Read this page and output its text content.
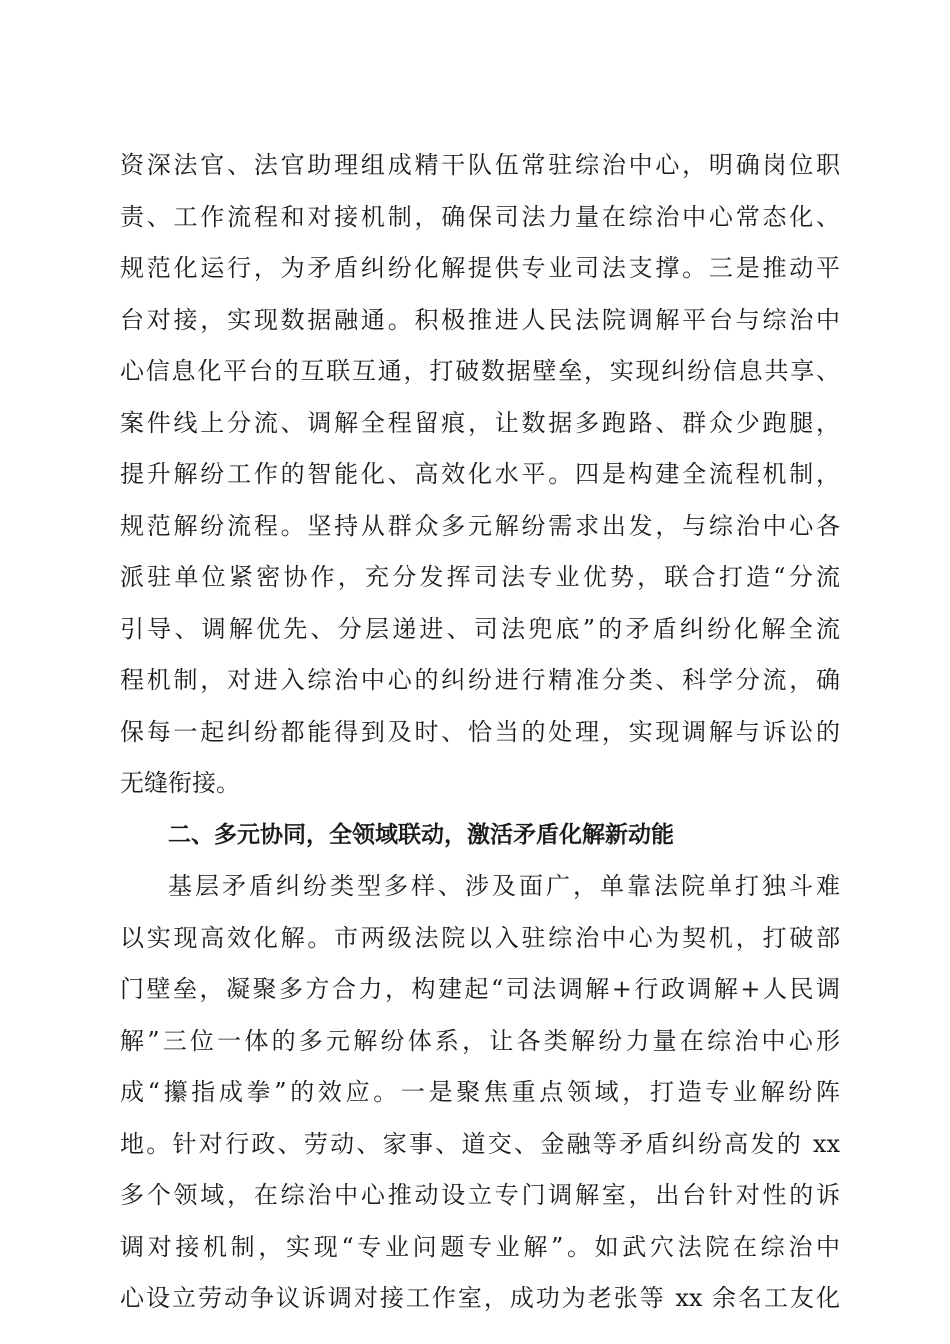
资深法官、法官助理组成精干队伍常驻综治中心，明确岗位职
责、工作流程和对接机制，确保司法力量在综治中心常态化、
规范化运行，为矛盾纠纷化解提供专业司法支撑。三是推动平
台对接，实现数据融通。积极推进人民法院调解平台与综治中
心信息化平台的互联互通，打破数据壁垒，实现纠纷信息共享、
案件线上分流、调解全程留痕，让数据多跑路、群众少跑腿，
提升解纷工作的智能化、高效化水平。四是构建全流程机制，
规范解纷流程。坚持从群众多元解纷需求出发，与综治中心各
派驻单位紧密协作，充分发挥司法专业优势，联合打造“分流
引导、调解优先、分层递进、司法兜底”的矛盾纠纷化解全流
程机制，对进入综治中心的纠纷进行精准分类、科学分流，确
保每一起纠纷都能得到及时、恰当的处理，实现调解与诉讼的
无缝衔接。
二、多元协同，全领域联动，激活矛盾化解新动能
基层矛盾纠纷类型多样、涉及面广，单靠法院单打独斗难
以实现高效化解。市两级法院以入驻综治中心为契机，打破部
门壁垒，凝聚多方合力，构建起“司法调解+行政调解+人民调
解”三位一体的多元解纷体系，让各类解纷力量在综治中心形
成“攥指成拳”的效应。一是聚焦重点领域，打造专业解纷阵
地。针对行政、劳动、家事、道交、金融等矛盾纠纷高发的 xx
多个领域，在综治中心推动设立专门调解室，出台针对性的诉
调对接机制，实现“专业问题专业解”。如武穴法院在综治中
心设立劳动争议诉调对接工作室，成功为老张等 xx 余名工友化
